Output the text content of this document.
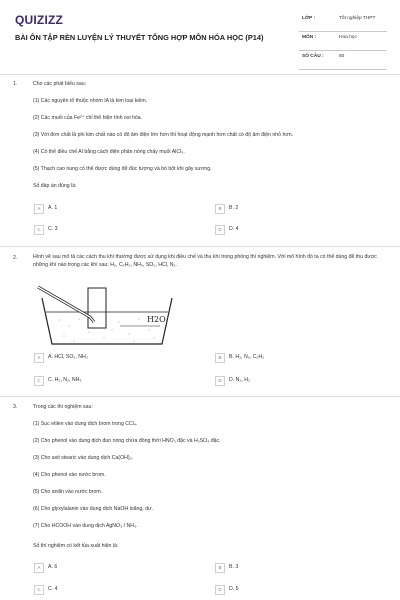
QUIZIZZ
BÀI ÔN TẬP RÈN LUYỆN LÝ THUYẾT TỔNG HỢP MÔN HÓA HỌC (P14)
LỚP :	Tốt nghiệp THPT
MÔN :	Hóa học
SỐ CÂU :	50
1.	Cho các phát biểu sau:
(1) Các nguyên tố thuộc nhóm IA là kim loại kiềm.
(2) Các muối của Fe²⁺ chỉ thể hiện tính oxi hóa.
(3) Với đơn chất là phi kim chất nào có độ âm điện lớn hơn thì hoạt động mạnh hơn chất có độ âm điện nhỏ hơn.
(4) Có thể điều chế Al bằng cách điện phân nóng chảy muối AlCl₃.
(5) Thạch cao nung có thể được dùng để đúc tượng và bó bột khi gãy xương.
Số đáp án đúng là:
A	A. 1	B	B. 2
C	C. 3	D	D. 4
2.	Hình vẽ sau mô tả các cách thu khí thường được sử dụng khi điều chế và thu khí trong phòng thí nghiệm. Với mô hình đó ta có thể dùng để thu được những khí nào trong các khí sau: H₂, C₂H₂, NH₃, SO₂, HCl, N₂.
H2O
A	A. HCl, SO₂, NH₃	B	B. H₂, N₂, C₂H₂
C	C. H₂, N₂, NH₃	D	D. N₂, H₂
3.	Trong các thí nghiệm sau:
(1) Sục etilen vào dung dịch brom trong CCl₄.
(2) Cho phenol vào dung dịch đun nóng chứa đồng thời HNO₃ đặc và H₂SO₄ đặc.
(3) Cho axit stearic vào dung dịch Ca(OH)₂.
(4) Cho phenol vào nước brom.
(5) Cho anilin vào nước brom.
(6) Cho glyxylalanin vào dung dịch NaOH loãng, dư.
(7) Cho HCOOH vào dung dịch AgNO₃ / NH₃.
Số thí nghiệm có kết tủa xuất hiện là:
A	A. 6	B	B. 3
C	C. 4	D	D. 5
